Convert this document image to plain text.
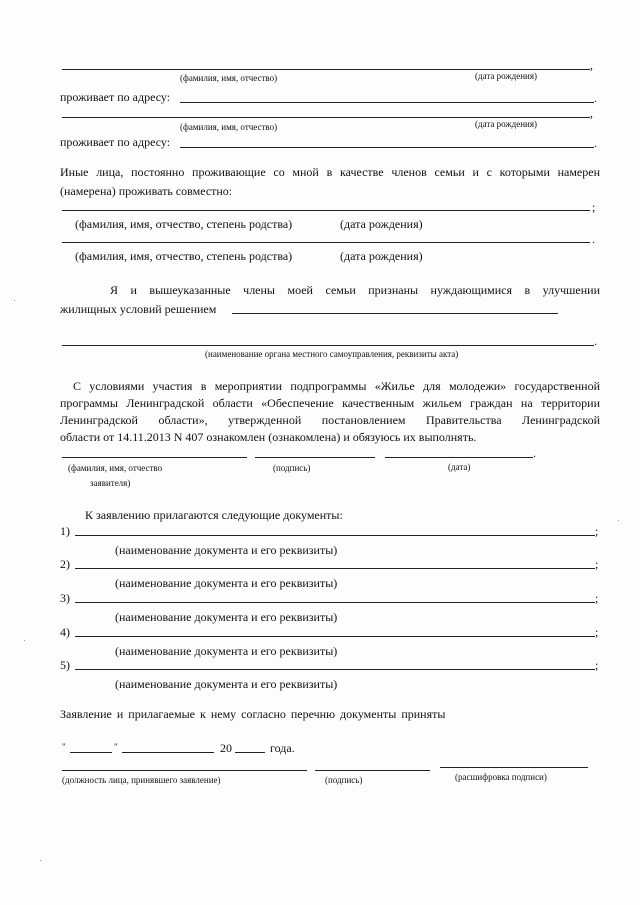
,
(фамилия, имя, отчество)	(дата рождения)
проживает по адресу:	.
,
(фамилия, имя, отчество)	(дата рождения)
проживает по адресу:	.
Иные лица, постоянно проживающие со мной в качестве членов семьи и с которыми намерен
(намерена) проживать совместно:
;
(фамилия, имя, отчество, степень родства)	(дата рождения)
.
(фамилия, имя, отчество, степень родства)	(дата рождения)
Я и вышеуказанные члены моей семьи признаны нуждающимися в улучшении
жилищных условий решением
.
(наименование органа местного самоуправления, реквизиты акта)
С условиями участия в мероприятии подпрограммы «Жилье для молодежи» государственной
программы Ленинградской области «Обеспечение качественным жильем граждан на территории
Ленинградской области», утвержденной постановлением Правительства Ленинградской
области от 14.11.2013 N 407 ознакомлен (ознакомлена) и обязуюсь их выполнять.
.
(фамилия, имя, отчество
заявителя)
(подпись)	(дата)
К заявлению прилагаются следующие документы:
1)	;
(наименование документа и его реквизиты)
2)	;
(наименование документа и его реквизиты)
3)	;
(наименование документа и его реквизиты)
4)	;
(наименование документа и его реквизиты)
5)	;
(наименование документа и его реквизиты)
Заявление и прилагаемые к нему согласно перечню документы приняты
"	"	20	года.
(должность лица, принявшего заявление)	(подпись)	(расшифровка подписи)
